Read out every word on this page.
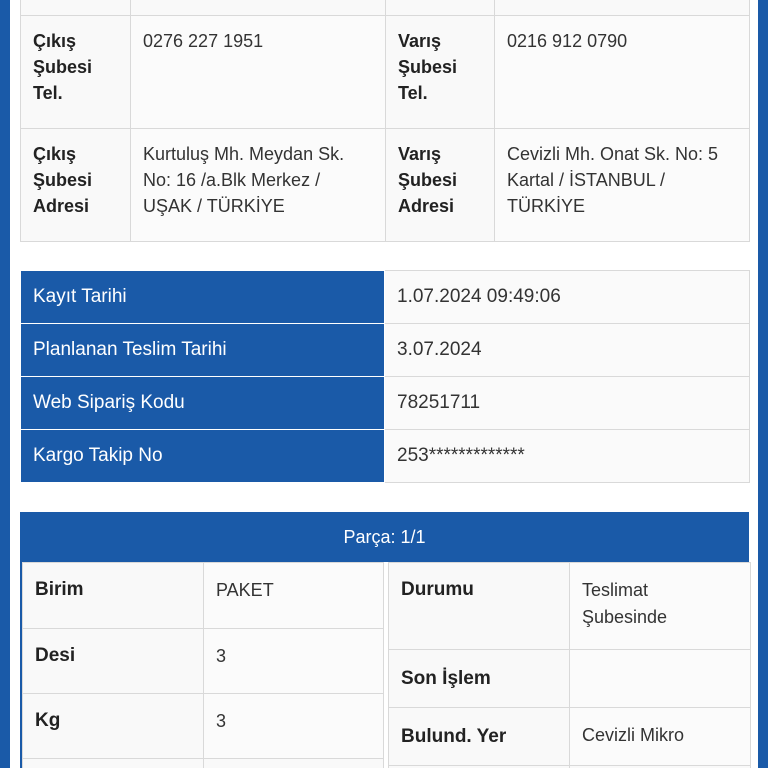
Çıkış Şubesi Tel.	0276 227 1951	Varış Şubesi Tel.	0216 912 0790
Çıkış Şubesi Adresi	Kurtuluş Mh. Meydan Sk. No: 16 /a.Blk Merkez / UŞAK / TÜRKİYE	Varış Şubesi Adresi	Cevizli Mh. Onat Sk. No: 5 Kartal / İSTANBUL / TÜRKİYE
Kayıt Tarihi	1.07.2024 09:49:06
Planlanan Teslim Tarihi	3.07.2024
Web Sipariş Kodu	78251711
Kargo Takip No	253*************
Parça: 1/1
Birim	PAKET
Desi	3
Kg	3

Durumu	Teslimat Şubesinde
Son İşlem	
Bulund. Yer	Cevizli Mikro
